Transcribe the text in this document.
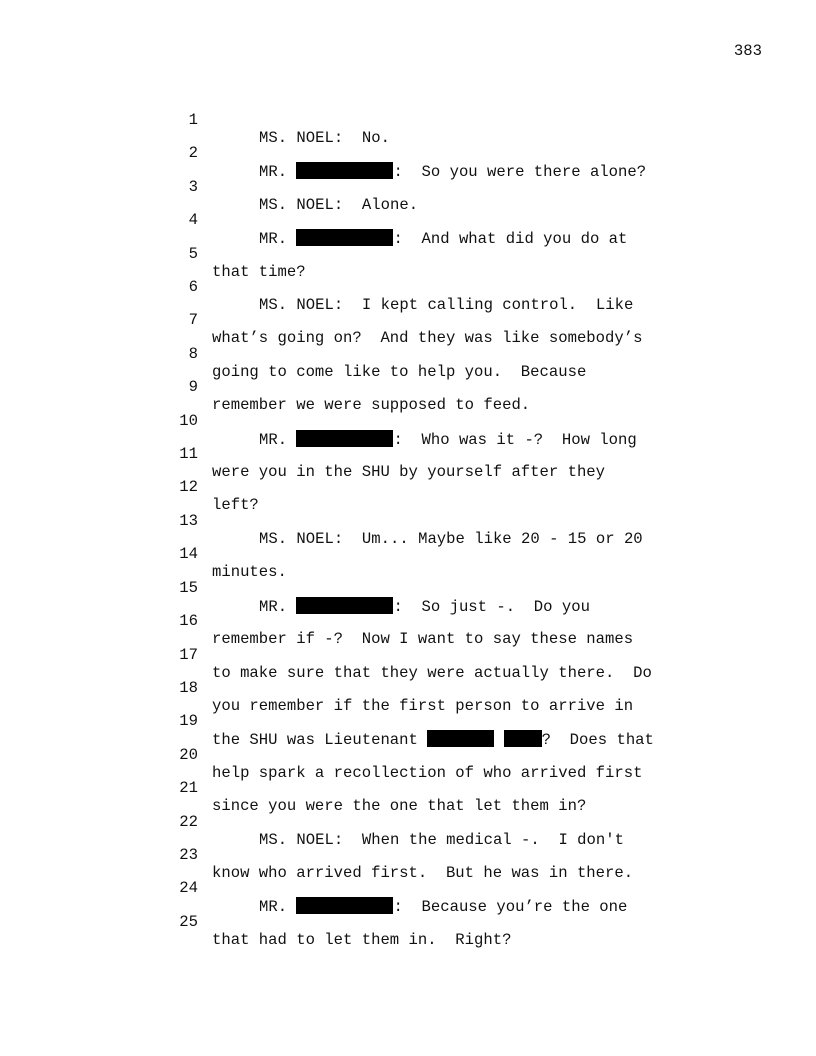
383

1

MS. NOEL:  No.

2

MR.	:  So you were there alone?

3

MS. NOEL:  Alone.

4

MR.	:  And what did you do at

5

that time?

6

MS. NOEL:  I kept calling control.  Like

7

what’s going on?  And they was like somebody’s

8

going to come like to help you.  Because

9

remember we were supposed to feed.

10

MR.	:  Who was it -?  How long

11

were you in the SHU by yourself after they

12

left?

13

MS. NOEL:  Um... Maybe like 20 - 15 or 20

14

minutes.

15

MR.	:  So just -.  Do you

16

remember if -?  Now I want to say these names

17

to make sure that they were actually there.  Do

18

you remember if the first person to arrive in

19

the SHU was Lieutenant	?  Does that

20

help spark a recollection of who arrived first

21

since you were the one that let them in?

22

MS. NOEL:  When the medical -.  I don't

23

know who arrived first.  But he was in there.

24

MR.	:  Because you’re the one

25

that had to let them in.  Right?
